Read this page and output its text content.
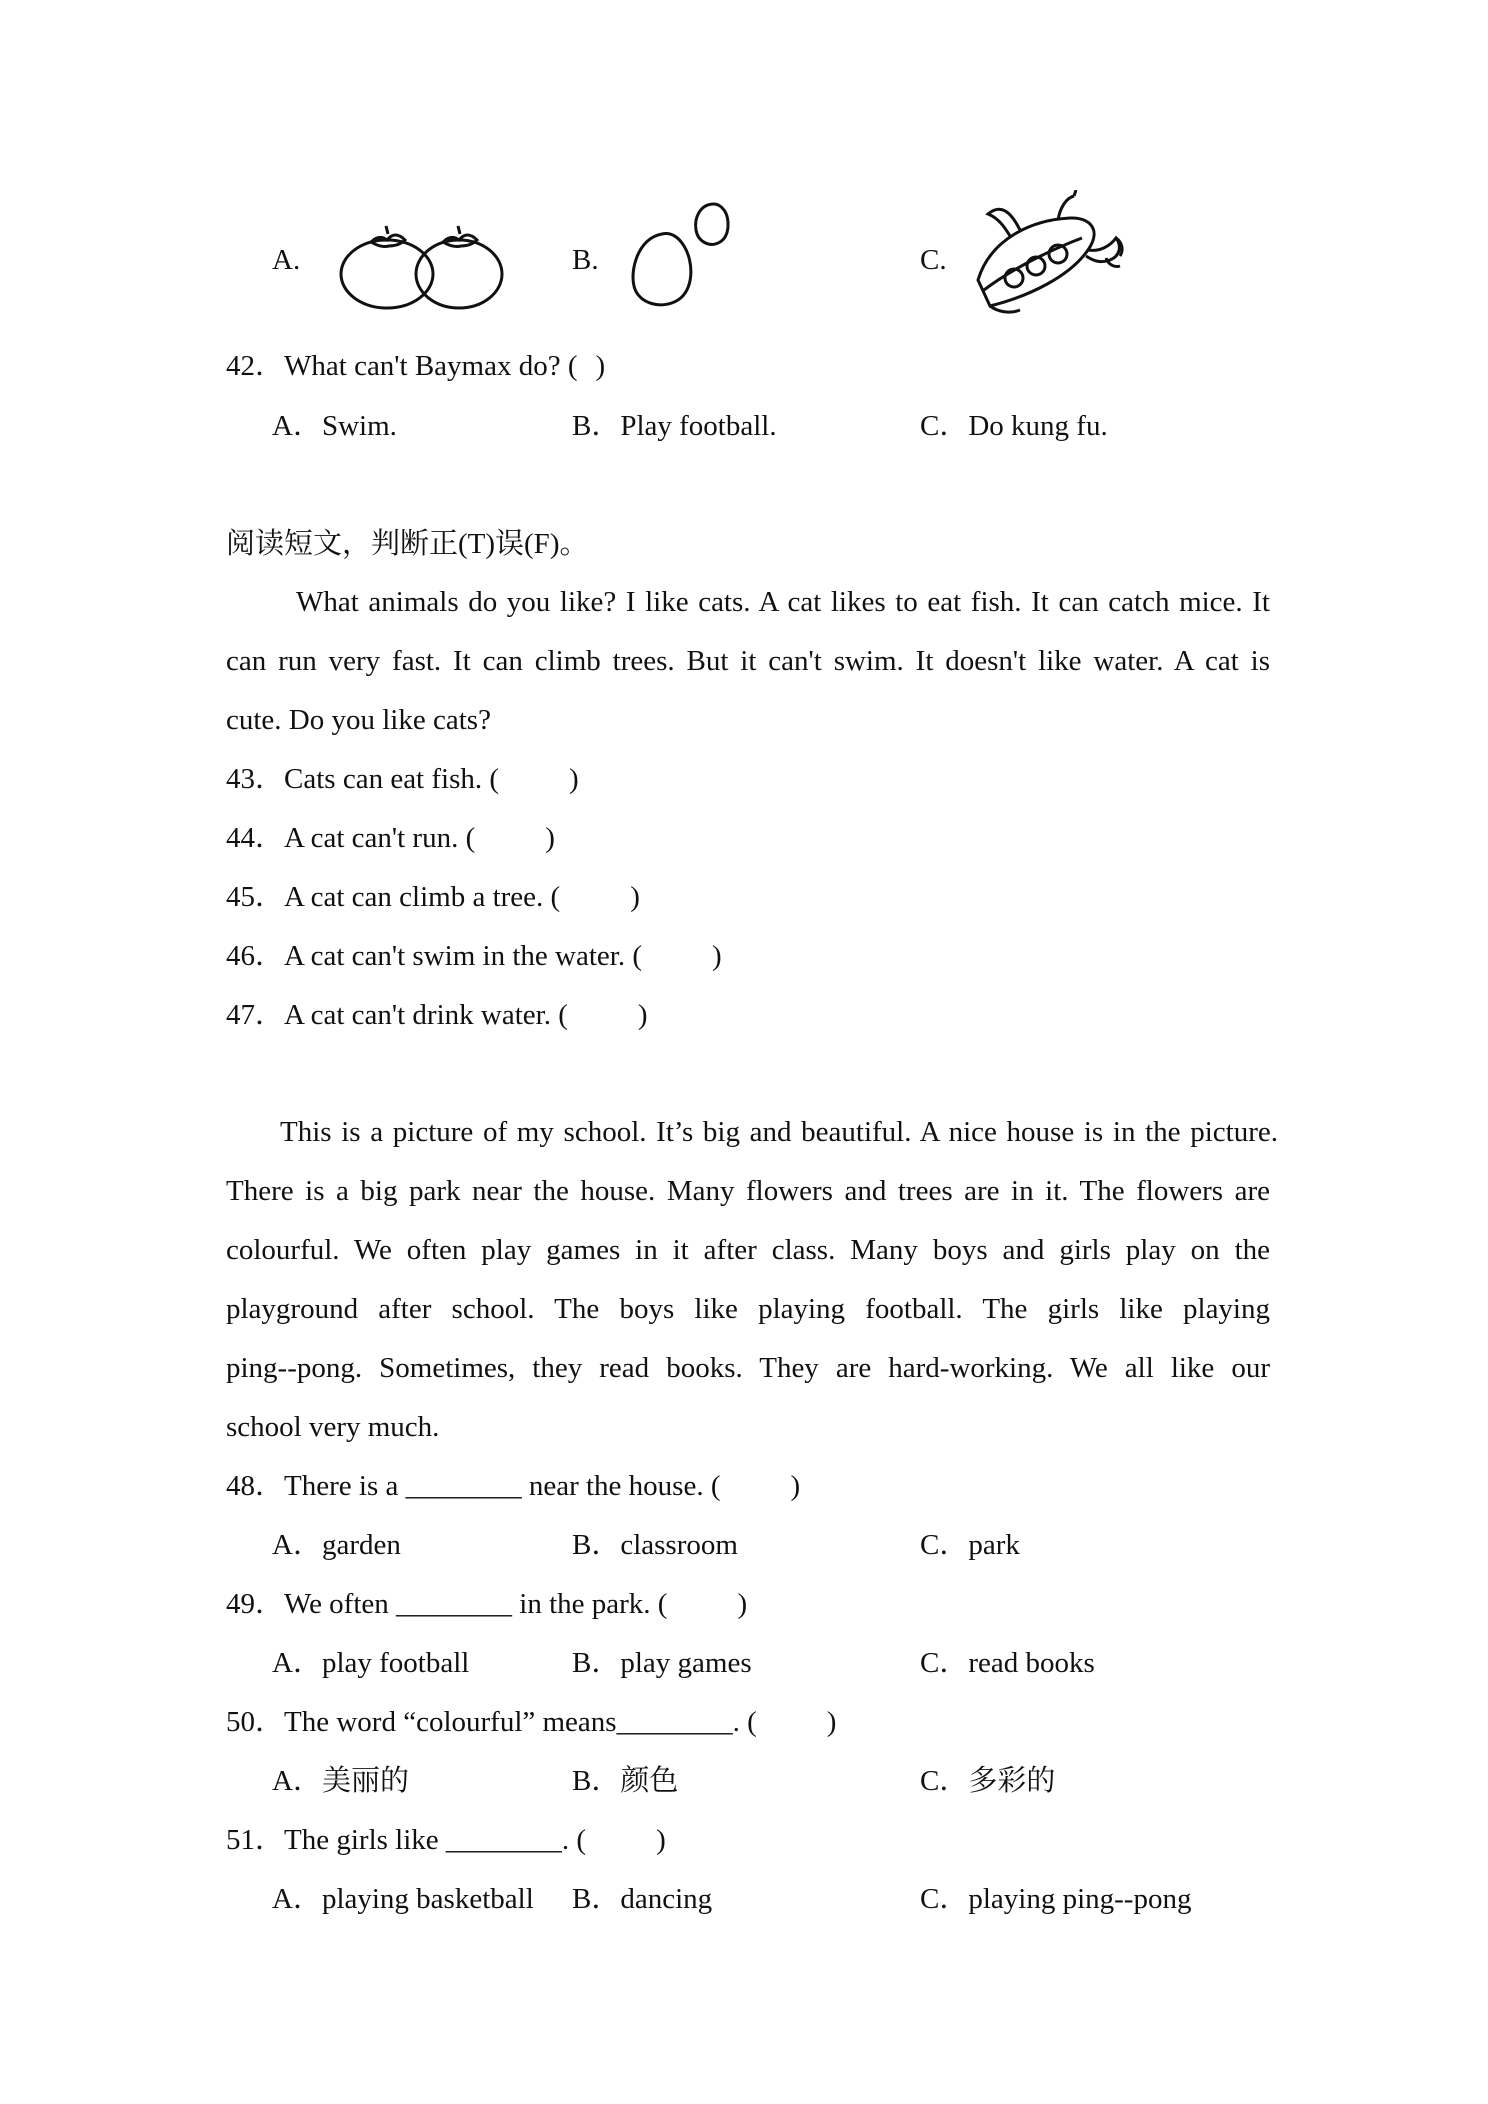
A.	B.	C.
42．What can't Baymax do? ( )
A．Swim.	B．Play football.	C．Do kung fu.
阅读短文，判断正(T)误(F)。
What animals do you like? I like cats. A cat likes to eat fish. It can catch mice. It
can run very fast. It can climb trees. But it can't swim. It doesn't like water. A cat is
cute. Do you like cats?
43．Cats can eat fish. ( )
44．A cat can't run. ( )
45．A cat can climb a tree. ( )
46．A cat can't swim in the water. ( )
47．A cat can't drink water. ( )
This is a picture of my school. It’s big and beautiful. A nice house is in the picture.
There is a big park near the house. Many flowers and trees are in it. The flowers are
colourful. We often play games in it after class. Many boys and girls play on the
playground after school. The boys like playing football. The girls like playing
ping--pong. Sometimes, they read books. They are hard-working. We all like our
school very much.
48．There is a ________ near the house. ( )
A．garden	B．classroom	C．park
49．We often ________ in the park. ( )
A．play football	B．play games	C．read books
50．The word “colourful” means________. ( )
A．美丽的	B．颜色	C．多彩的
51．The girls like ________. ( )
A．playing basketball B．dancing	C．playing ping--pong
